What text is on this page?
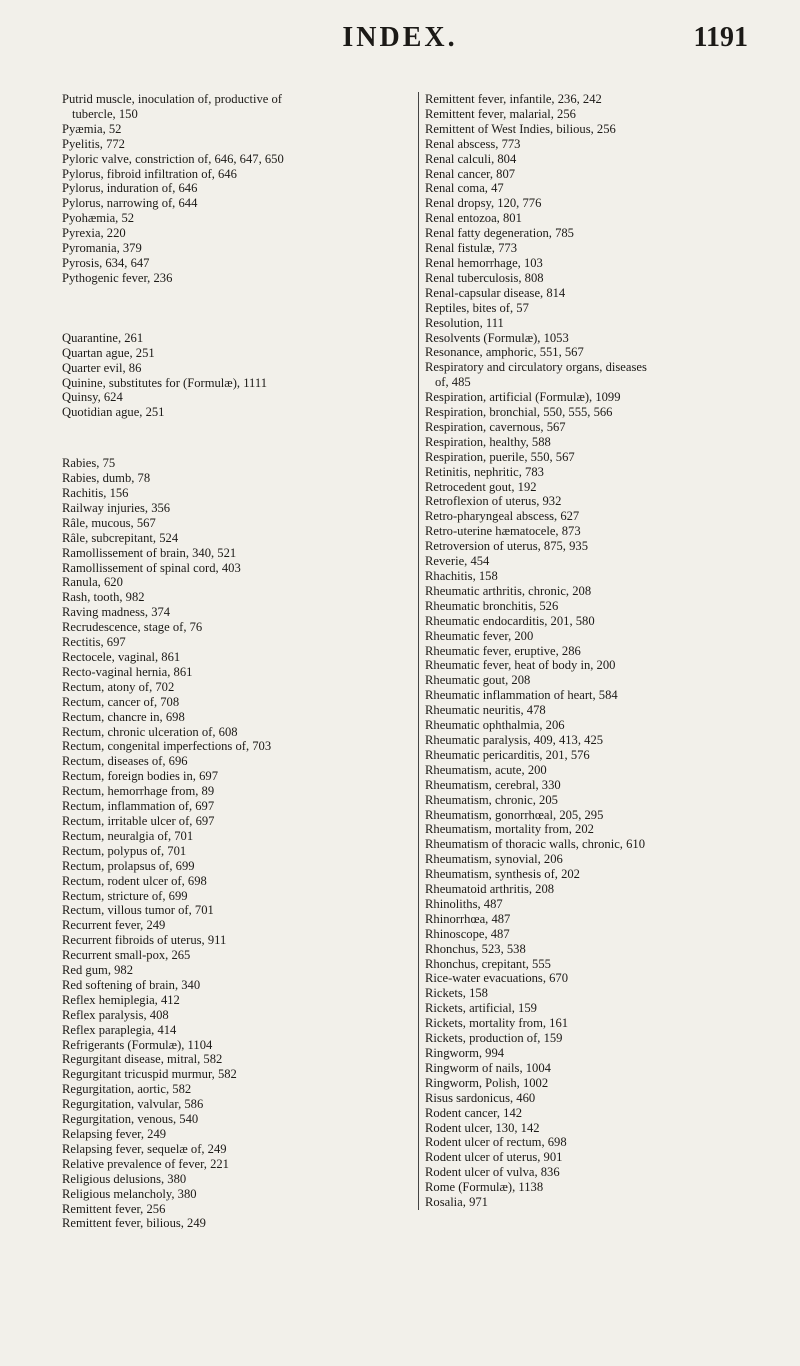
INDEX.	1191
Putrid muscle, inoculation of, productive of
tubercle, 150
Pyæmia, 52
Pyelitis, 772
Pyloric valve, constriction of, 646, 647, 650
Pylorus, fibroid infiltration of, 646
Pylorus, induration of, 646
Pylorus, narrowing of, 644
Pyohæmia, 52
Pyrexia, 220
Pyromania, 379
Pyrosis, 634, 647
Pythogenic fever, 236
Quarantine, 261
Quartan ague, 251
Quarter evil, 86
Quinine, substitutes for (Formulæ), 1111
Quinsy, 624
Quotidian ague, 251
Rabies, 75
Rabies, dumb, 78
Rachitis, 156
Railway injuries, 356
Râle, mucous, 567
Râle, subcrepitant, 524
Ramollissement of brain, 340, 521
Ramollissement of spinal cord, 403
Ranula, 620
Rash, tooth, 982
Raving madness, 374
Recrudescence, stage of, 76
Rectitis, 697
Rectocele, vaginal, 861
Recto-vaginal hernia, 861
Rectum, atony of, 702
Rectum, cancer of, 708
Rectum, chancre in, 698
Rectum, chronic ulceration of, 608
Rectum, congenital imperfections of, 703
Rectum, diseases of, 696
Rectum, foreign bodies in, 697
Rectum, hemorrhage from, 89
Rectum, inflammation of, 697
Rectum, irritable ulcer of, 697
Rectum, neuralgia of, 701
Rectum, polypus of, 701
Rectum, prolapsus of, 699
Rectum, rodent ulcer of, 698
Rectum, stricture of, 699
Rectum, villous tumor of, 701
Recurrent fever, 249
Recurrent fibroids of uterus, 911
Recurrent small-pox, 265
Red gum, 982
Red softening of brain, 340
Reflex hemiplegia, 412
Reflex paralysis, 408
Reflex paraplegia, 414
Refrigerants (Formulæ), 1104
Regurgitant disease, mitral, 582
Regurgitant tricuspid murmur, 582
Regurgitation, aortic, 582
Regurgitation, valvular, 586
Regurgitation, venous, 540
Relapsing fever, 249
Relapsing fever, sequelæ of, 249
Relative prevalence of fever, 221
Religious delusions, 380
Religious melancholy, 380
Remittent fever, 256
Remittent fever, bilious, 249
Remittent fever, infantile, 236, 242
Remittent fever, malarial, 256
Remittent of West Indies, bilious, 256
Renal abscess, 773
Renal calculi, 804
Renal cancer, 807
Renal coma, 47
Renal dropsy, 120, 776
Renal entozoa, 801
Renal fatty degeneration, 785
Renal fistulæ, 773
Renal hemorrhage, 103
Renal tuberculosis, 808
Renal-capsular disease, 814
Reptiles, bites of, 57
Resolution, 111
Resolvents (Formulæ), 1053
Resonance, amphoric, 551, 567
Respiratory and circulatory organs, diseases
of, 485
Respiration, artificial (Formulæ), 1099
Respiration, bronchial, 550, 555, 566
Respiration, cavernous, 567
Respiration, healthy, 588
Respiration, puerile, 550, 567
Retinitis, nephritic, 783
Retrocedent gout, 192
Retroflexion of uterus, 932
Retro-pharyngeal abscess, 627
Retro-uterine hæmatocele, 873
Retroversion of uterus, 875, 935
Reverie, 454
Rhachitis, 158
Rheumatic arthritis, chronic, 208
Rheumatic bronchitis, 526
Rheumatic endocarditis, 201, 580
Rheumatic fever, 200
Rheumatic fever, eruptive, 286
Rheumatic fever, heat of body in, 200
Rheumatic gout, 208
Rheumatic inflammation of heart, 584
Rheumatic neuritis, 478
Rheumatic ophthalmia, 206
Rheumatic paralysis, 409, 413, 425
Rheumatic pericarditis, 201, 576
Rheumatism, acute, 200
Rheumatism, cerebral, 330
Rheumatism, chronic, 205
Rheumatism, gonorrhœal, 205, 295
Rheumatism, mortality from, 202
Rheumatism of thoracic walls, chronic, 610
Rheumatism, synovial, 206
Rheumatism, synthesis of, 202
Rheumatoid arthritis, 208
Rhinoliths, 487
Rhinorrhœa, 487
Rhinoscope, 487
Rhonchus, 523, 538
Rhonchus, crepitant, 555
Rice-water evacuations, 670
Rickets, 158
Rickets, artificial, 159
Rickets, mortality from, 161
Rickets, production of, 159
Ringworm, 994
Ringworm of nails, 1004
Ringworm, Polish, 1002
Risus sardonicus, 460
Rodent cancer, 142
Rodent ulcer, 130, 142
Rodent ulcer of rectum, 698
Rodent ulcer of uterus, 901
Rodent ulcer of vulva, 836
Rome (Formulæ), 1138
Rosalia, 971
